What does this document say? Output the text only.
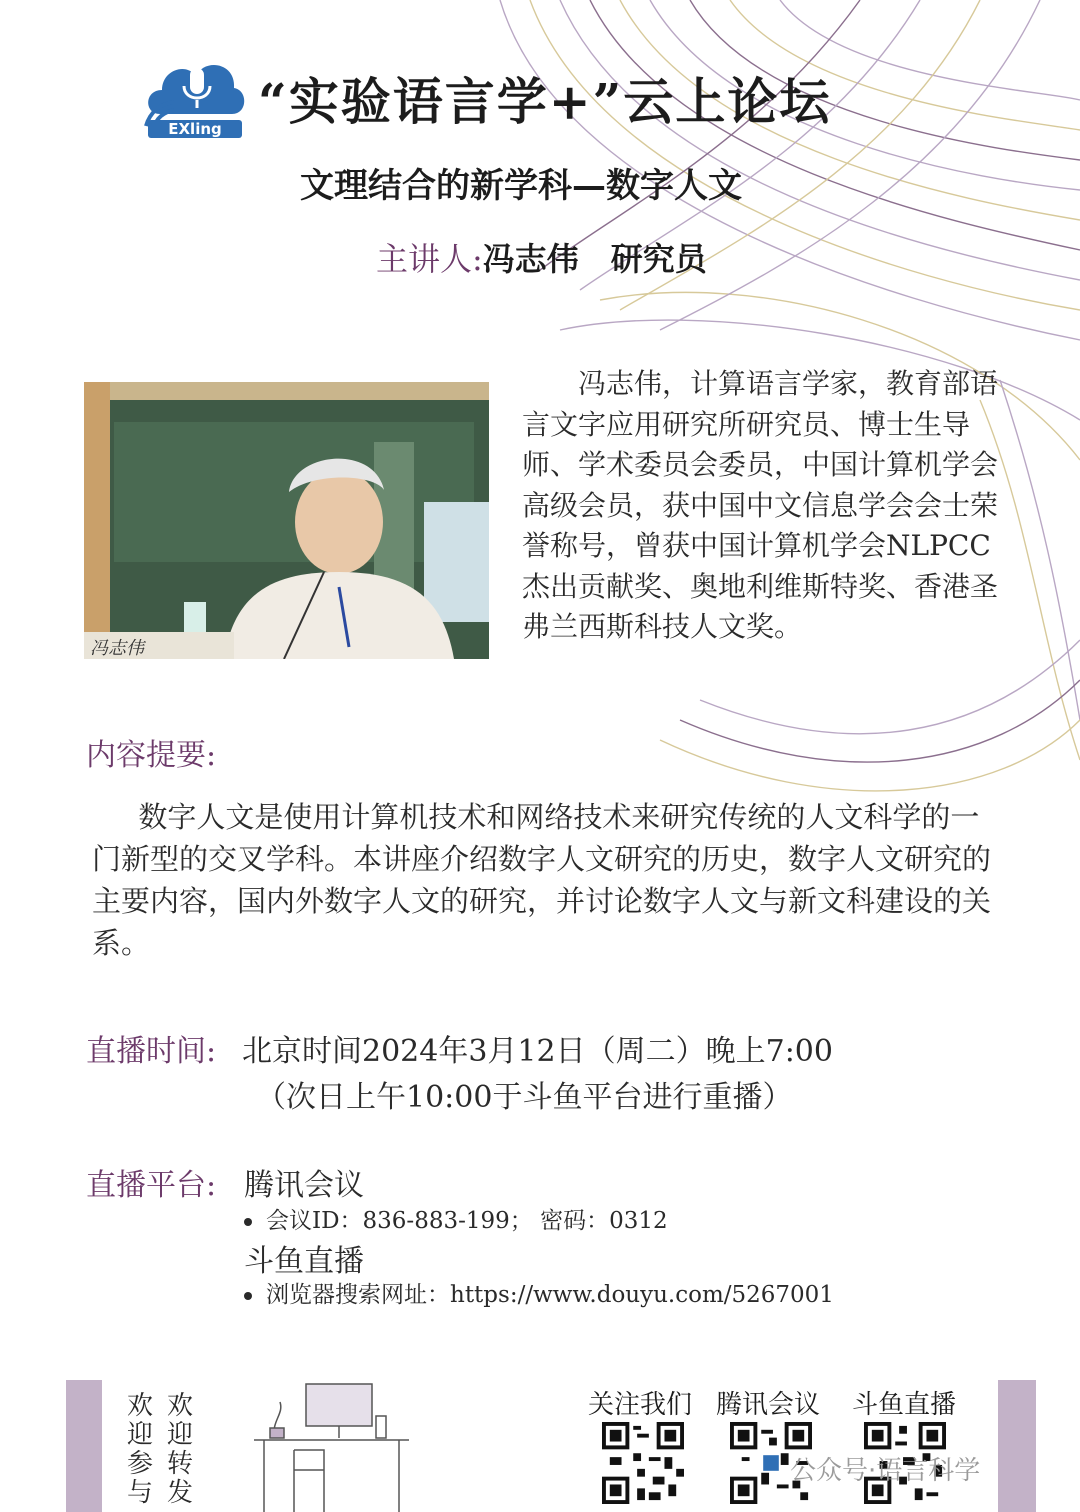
EXling “实验语言学+”云上论坛
文理结合的新学科—数字人文
主讲人:冯志伟　研究员
冯志伟
冯志伟，计算语言学家，教育部语言文字应用研究所研究员、博士生导师、学术委员会委员，中国计算机学会高级会员，获中国中文信息学会会士荣誉称号，曾获中国计算机学会NLPCC杰出贡献奖、奥地利维斯特奖、香港圣弗兰西斯科技人文奖。
内容提要:
数字人文是使用计算机技术和网络技术来研究传统的人文科学的一门新型的交叉学科。本讲座介绍数字人文研究的历史，数字人文研究的主要内容，国内外数字人文的研究，并讨论数字人文与新文科建设的关系。
直播时间: 北京时间2024年3月12日（周二）晚上7:00
（次日上午10:00于斗鱼平台进行重播）
直播平台: 腾讯会议
会议ID：836-883-199； 密码：0312
斗鱼直播
浏览器搜索网址：https://www.douyu.com/5267001
欢迎转发
欢迎参与
关注我们 腾讯会议 斗鱼直播
公众号·语言科学
